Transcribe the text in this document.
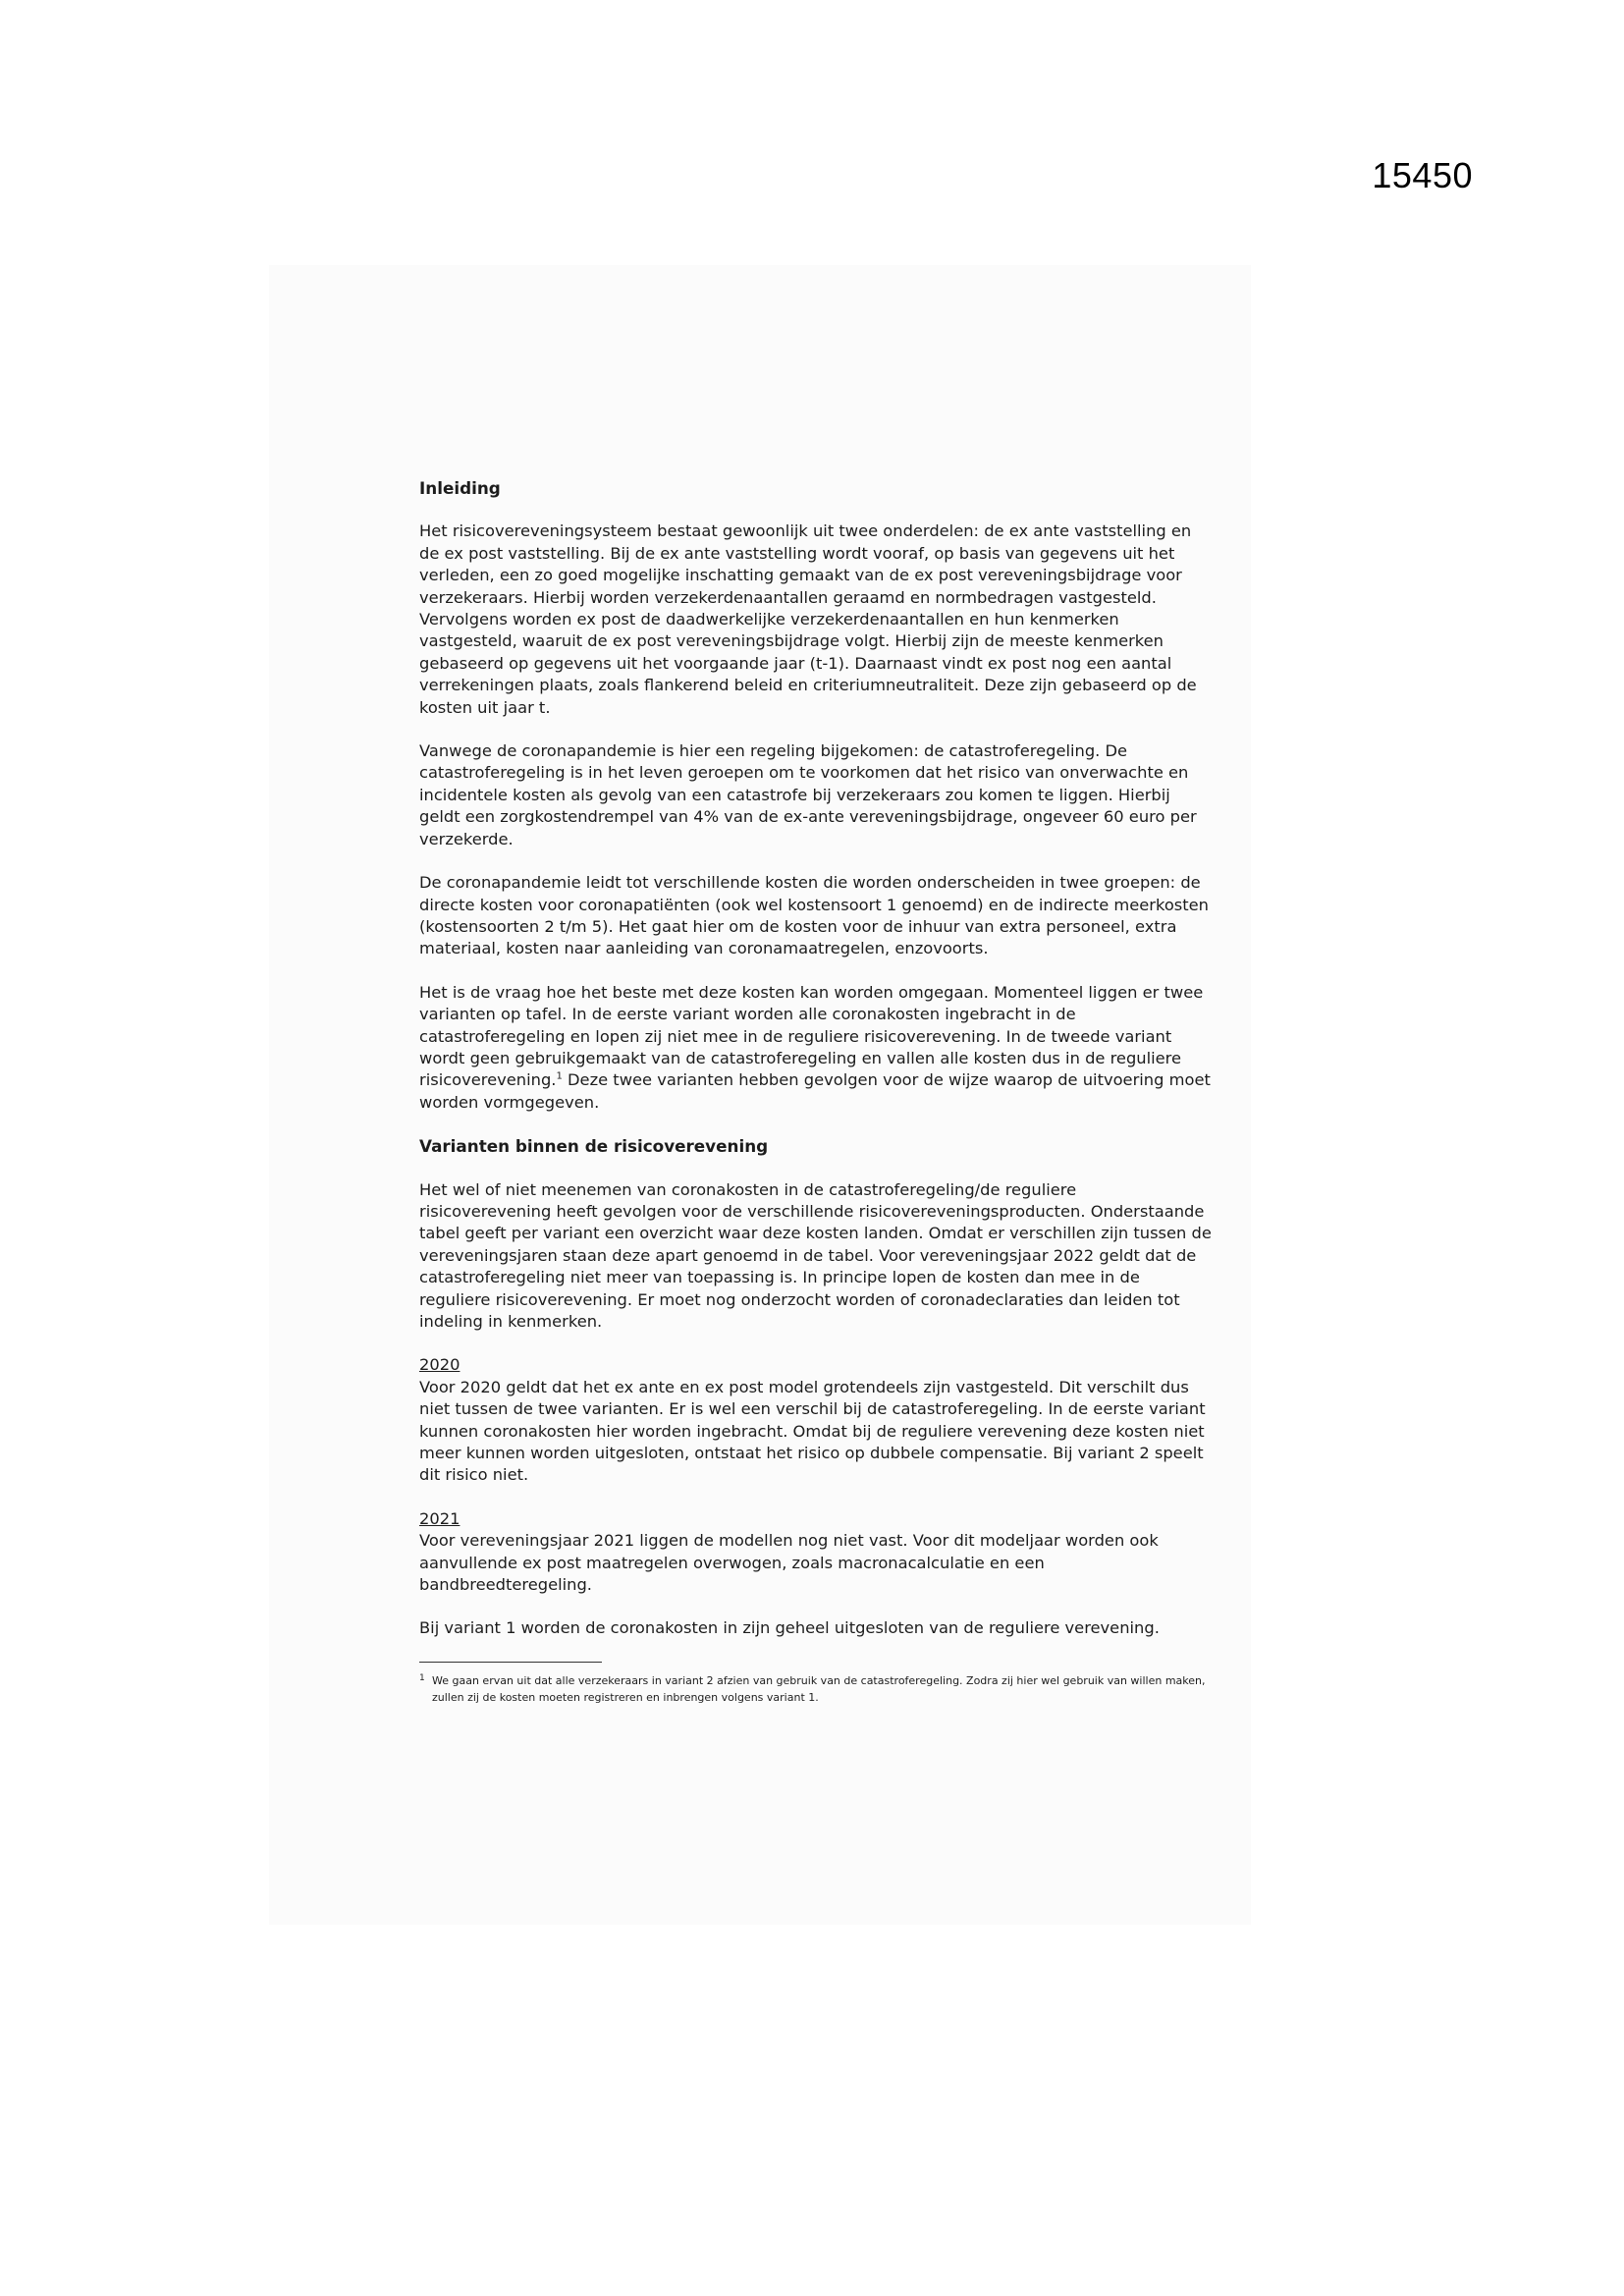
15450
Inleiding

Het risicovereveningsysteem bestaat gewoonlijk uit twee onderdelen: de ex ante vaststelling en de ex post vaststelling. Bij de ex ante vaststelling wordt vooraf, op basis van gegevens uit het verleden, een zo goed mogelijke inschatting gemaakt van de ex post vereveningsbijdrage voor verzekeraars. Hierbij worden verzekerdenaantallen geraamd en normbedragen vastgesteld. Vervolgens worden ex post de daadwerkelijke verzekerdenaantallen en hun kenmerken vastgesteld, waaruit de ex post vereveningsbijdrage volgt. Hierbij zijn de meeste kenmerken gebaseerd op gegevens uit het voorgaande jaar (t-1). Daarnaast vindt ex post nog een aantal verrekeningen plaats, zoals flankerend beleid en criteriumneutraliteit. Deze zijn gebaseerd op de kosten uit jaar t.

Vanwege de coronapandemie is hier een regeling bijgekomen: de catastroferegeling. De catastroferegeling is in het leven geroepen om te voorkomen dat het risico van onverwachte en incidentele kosten als gevolg van een catastrofe bij verzekeraars zou komen te liggen. Hierbij geldt een zorgkostendrempel van 4% van de ex-ante vereveningsbijdrage, ongeveer 60 euro per verzekerde.

De coronapandemie leidt tot verschillende kosten die worden onderscheiden in twee groepen: de directe kosten voor coronapatiënten (ook wel kostensoort 1 genoemd) en de indirecte meerkosten (kostensoorten 2 t/m 5). Het gaat hier om de kosten voor de inhuur van extra personeel, extra materiaal, kosten naar aanleiding van coronamaatregelen, enzovoorts.

Het is de vraag hoe het beste met deze kosten kan worden omgegaan. Momenteel liggen er twee varianten op tafel. In de eerste variant worden alle coronakosten ingebracht in de catastroferegeling en lopen zij niet mee in de reguliere risicoverevening. In de tweede variant wordt geen gebruikgemaakt van de catastroferegeling en vallen alle kosten dus in de reguliere risicoverevening.$^1$ Deze twee varianten hebben gevolgen voor de wijze waarop de uitvoering moet worden vormgegeven.

Varianten binnen de risicoverevening

Het wel of niet meenemen van coronakosten in de catastroferegeling/de reguliere risicoverevening heeft gevolgen voor de verschillende risicovereveningsproducten. Onderstaande tabel geeft per variant een overzicht waar deze kosten landen. Omdat er verschillen zijn tussen de vereveningsjaren staan deze apart genoemd in de tabel. Voor vereveningsjaar 2022 geldt dat de catastroferegeling niet meer van toepassing is. In principe lopen de kosten dan mee in de reguliere risicoverevening. Er moet nog onderzocht worden of coronadeclaraties dan leiden tot indeling in kenmerken.

2020

Voor 2020 geldt dat het ex ante en ex post model grotendeels zijn vastgesteld. Dit verschilt dus niet tussen de twee varianten. Er is wel een verschil bij de catastroferegeling. In de eerste variant kunnen coronakosten hier worden ingebracht. Omdat bij de reguliere verevening deze kosten niet meer kunnen worden uitgesloten, ontstaat het risico op dubbele compensatie. Bij variant 2 speelt dit risico niet.

2021

Voor vereveningsjaar 2021 liggen de modellen nog niet vast. Voor dit modeljaar worden ook aanvullende ex post maatregelen overwogen, zoals macronacalculatie en een bandbreedteregeling.

Bij variant 1 worden de coronakosten in zijn geheel uitgesloten van de reguliere verevening.

1 We gaan ervan uit dat alle verzekeraars in variant 2 afzien van gebruik van de catastroferegeling. Zodra zij hier wel gebruik van willen maken, zullen zij de kosten moeten registreren en inbrengen volgens variant 1.
